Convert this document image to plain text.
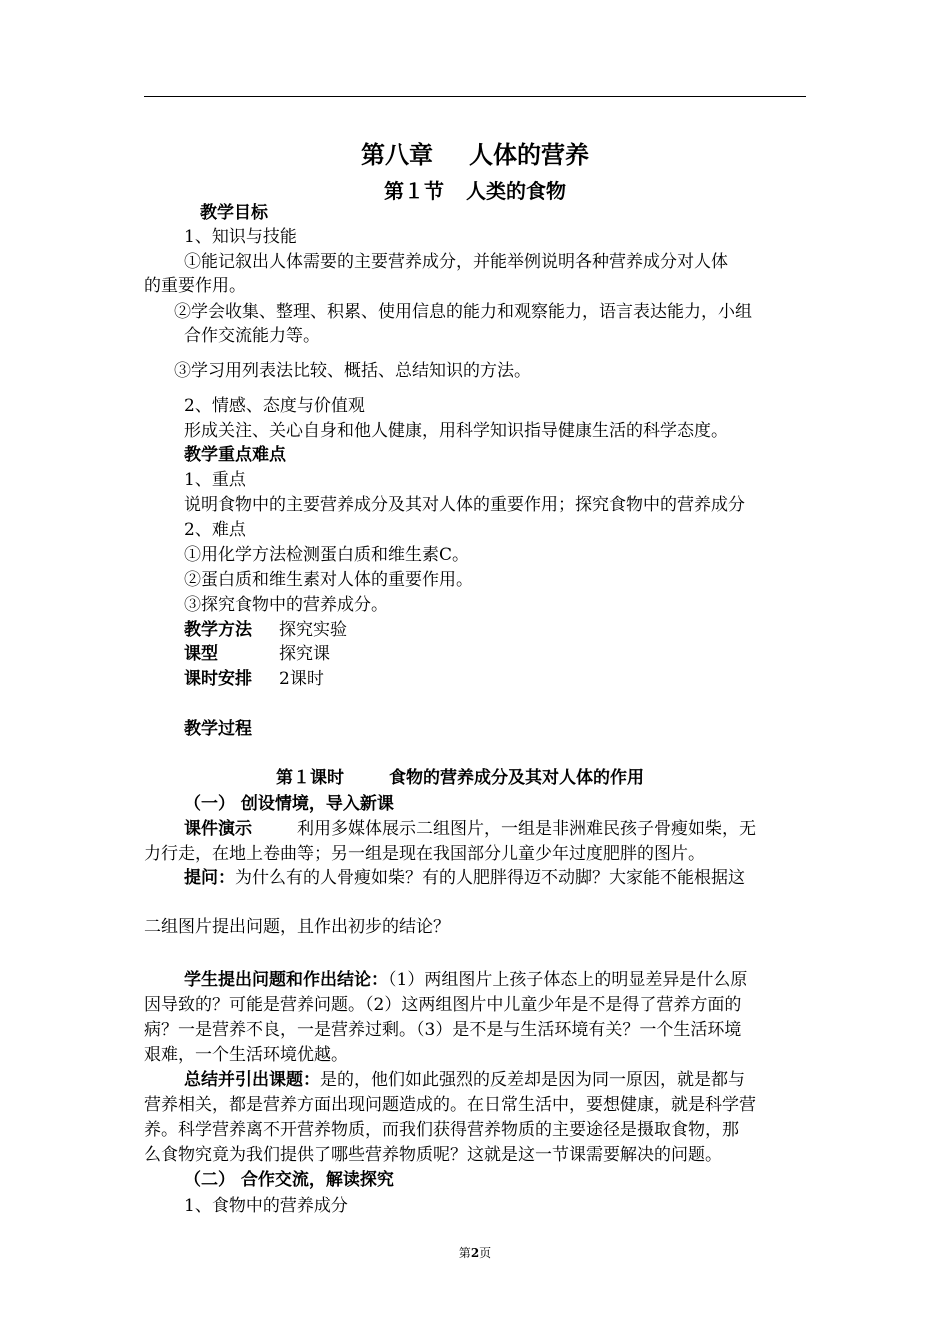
第八章 人体的营养
第１节 人类的食物
教学目标
1、知识与技能
①能记叙出人体需要的主要营养成分，并能举例说明各种营养成分对人体
的重要作用。
②学会收集、整理、积累、使用信息的能力和观察能力，语言表达能力，小组
合作交流能力等。
③学习用列表法比较、概括、总结知识的方法。
2、情感、态度与价值观
形成关注、关心自身和他人健康，用科学知识指导健康生活的科学态度。
教学重点难点
1、重点
说明食物中的主要营养成分及其对人体的重要作用；探究食物中的营养成分
2、难点
①用化学方法检测蛋白质和维生素C。
②蛋白质和维生素对人体的重要作用。
③探究食物中的营养成分。
教学方法 探究实验
课型	探究课
课时安排 2课时
教学过程
第１课时	食物的营养成分及其对人体的作用
（一） 创设情境，导入新课
课件演示	利用多媒体展示二组图片，一组是非洲难民孩子骨瘦如柴，无
力行走，在地上卷曲等；另一组是现在我国部分儿童少年过度肥胖的图片。
提问：为什么有的人骨瘦如柴？有的人肥胖得迈不动脚？大家能不能根据这
二组图片提出问题，且作出初步的结论？
学生提出问题和作出结论：（1）两组图片上孩子体态上的明显差异是什么原
因导致的？可能是营养问题。（2）这两组图片中儿童少年是不是得了营养方面的
病？一是营养不良，一是营养过剩。（3）是不是与生活环境有关？一个生活环境
艰难，一个生活环境优越。
总结并引出课题：是的，他们如此强烈的反差却是因为同一原因，就是都与
营养相关，都是营养方面出现问题造成的。在日常生活中，要想健康，就是科学营
养。科学营养离不开营养物质，而我们获得营养物质的主要途径是摄取食物，那
么食物究竟为我们提供了哪些营养物质呢？这就是这一节课需要解决的问题。
（二） 合作交流，解读探究
1、食物中的营养成分
第2页
